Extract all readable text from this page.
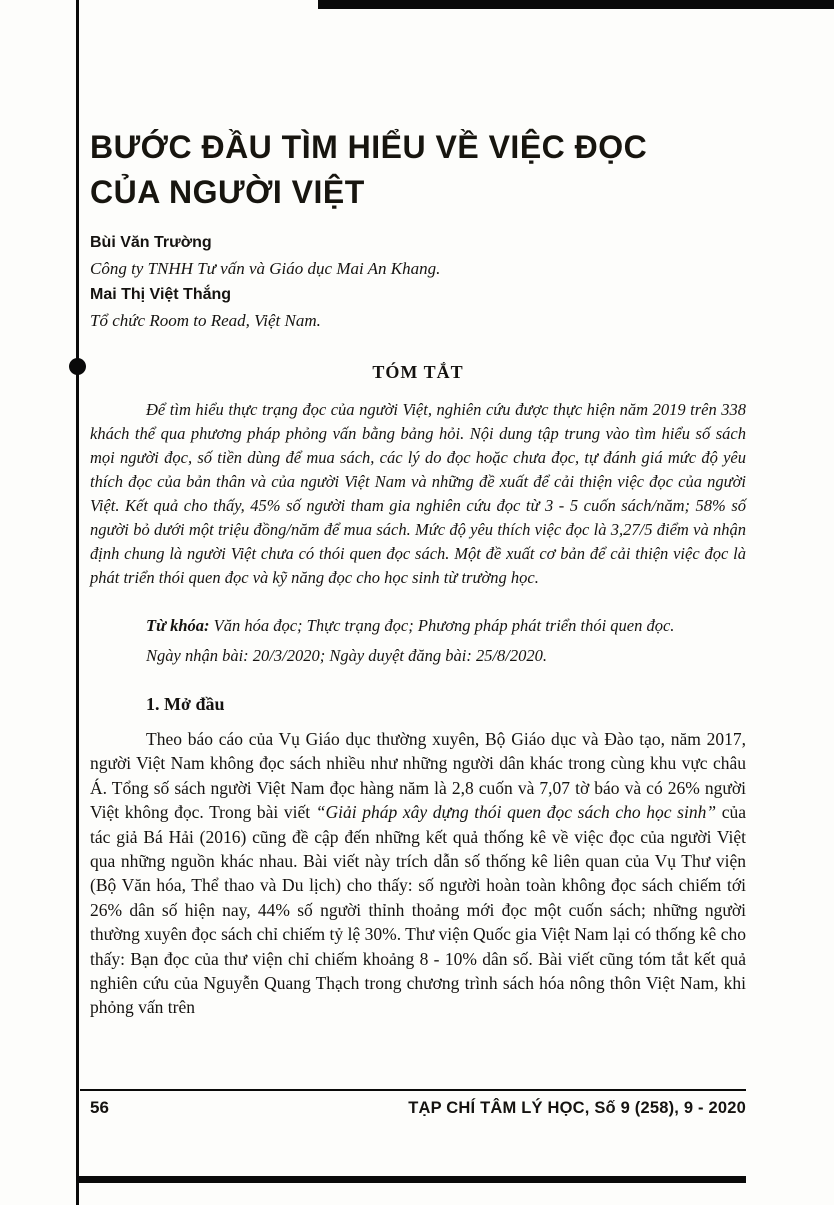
BƯỚC ĐẦU TÌM HIỂU VỀ VIỆC ĐỌC
CỦA NGƯỜI VIỆT
Bùi Văn Trường
Công ty TNHH Tư vấn và Giáo dục Mai An Khang.
Mai Thị Việt Thắng
Tổ chức Room to Read, Việt Nam.
TÓM TẮT

Để tìm hiểu thực trạng đọc của người Việt, nghiên cứu được thực hiện năm 2019 trên 338 khách thể qua phương pháp phỏng vấn bằng bảng hỏi. Nội dung tập trung vào tìm hiểu số sách mọi người đọc, số tiền dùng để mua sách, các lý do đọc hoặc chưa đọc, tự đánh giá mức độ yêu thích đọc của bản thân và của người Việt Nam và những đề xuất để cải thiện việc đọc của người Việt. Kết quả cho thấy, 45% số người tham gia nghiên cứu đọc từ 3 - 5 cuốn sách/năm; 58% số người bỏ dưới một triệu đồng/năm để mua sách. Mức độ yêu thích việc đọc là 3,27/5 điểm và nhận định chung là người Việt chưa có thói quen đọc sách. Một đề xuất cơ bản để cải thiện việc đọc là phát triển thói quen đọc và kỹ năng đọc cho học sinh từ trường học.

Từ khóa: Văn hóa đọc; Thực trạng đọc; Phương pháp phát triển thói quen đọc.
Ngày nhận bài: 20/3/2020; Ngày duyệt đăng bài: 25/8/2020.
1. Mở đầu

Theo báo cáo của Vụ Giáo dục thường xuyên, Bộ Giáo dục và Đào tạo, năm 2017, người Việt Nam không đọc sách nhiều như những người dân khác trong cùng khu vực châu Á. Tổng số sách người Việt Nam đọc hàng năm là 2,8 cuốn và 7,07 tờ báo và có 26% người Việt không đọc. Trong bài viết “Giải pháp xây dựng thói quen đọc sách cho học sinh” của tác giả Bá Hải (2016) cũng đề cập đến những kết quả thống kê về việc đọc của người Việt qua những nguồn khác nhau. Bài viết này trích dẫn số thống kê liên quan của Vụ Thư viện (Bộ Văn hóa, Thể thao và Du lịch) cho thấy: số người hoàn toàn không đọc sách chiếm tới 26% dân số hiện nay, 44% số người thỉnh thoảng mới đọc một cuốn sách; những người thường xuyên đọc sách chỉ chiếm tỷ lệ 30%. Thư viện Quốc gia Việt Nam lại có thống kê cho thấy: Bạn đọc của thư viện chỉ chiếm khoảng 8 - 10% dân số. Bài viết cũng tóm tắt kết quả nghiên cứu của Nguyễn Quang Thạch trong chương trình sách hóa nông thôn Việt Nam, khi phỏng vấn trên

56	TẠP CHÍ TÂM LÝ HỌC, Số 9 (258), 9 - 2020
